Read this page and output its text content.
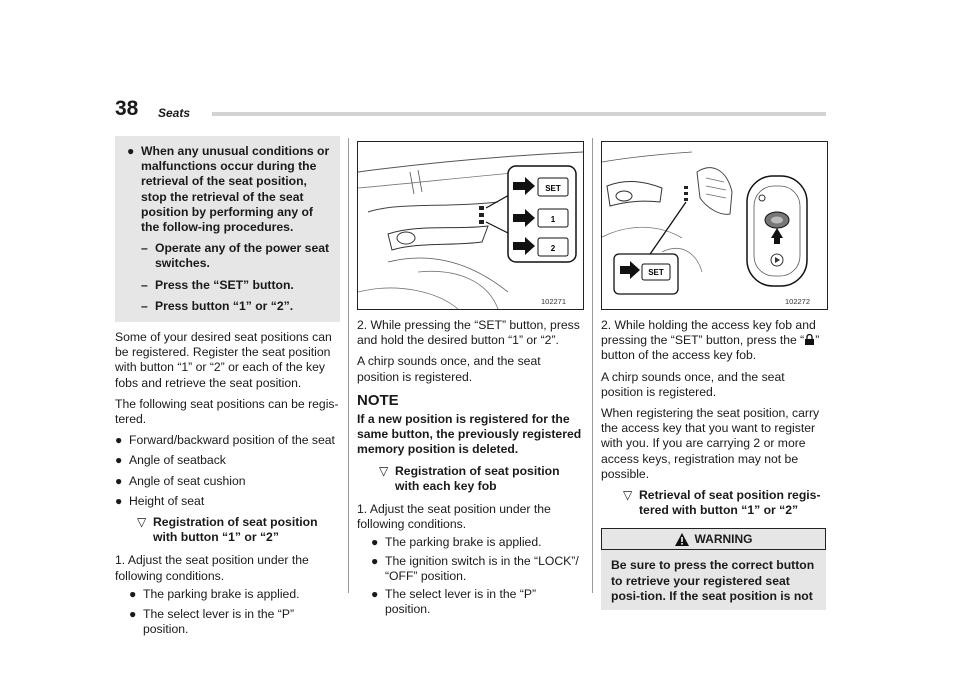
38 Seats
● When any unusual conditions or malfunctions occur during the retrieval of the seat position, stop the retrieval of the seat position by performing any of the follow-ing procedures.
– Operate any of the power seat switches.
– Press the “SET” button.
– Press button “1” or “2”.

Some of your desired seat positions can be registered. Register the seat position with button “1” or “2” or each of the key fobs and retrieve the seat position.

The following seat positions can be regis-tered.

● Forward/backward position of the seat
● Angle of seatback
● Angle of seat cushion
● Height of seat
▽ Registration of seat position with button “1” or “2”

1. Adjust the seat position under the following conditions.

● The parking brake is applied.
● The select lever is in the “P” position.
SET
1
2
102271

2. While pressing the “SET” button, press and hold the desired button “1” or “2”.

A chirp sounds once, and the seat position is registered.

NOTE

If a new position is registered for the same button, the previously registered memory position is deleted.

▽ Registration of seat position with each key fob

1. Adjust the seat position under the following conditions.

● The parking brake is applied.
● The ignition switch is in the “LOCK”/ “OFF” position.
● The select lever is in the “P” position.
SET
102272

2. While holding the access key fob and pressing the “SET” button, press the “ ” button of the access key fob.

A chirp sounds once, and the seat position is registered.

When registering the seat position, carry the access key that you want to register with you. If you are carrying 2 or more access keys, registration may not be possible.

▽ Retrieval of seat position regis-tered with button “1” or “2”
WARNING
Be sure to press the correct button to retrieve your registered seat posi-tion. If the seat position is not
